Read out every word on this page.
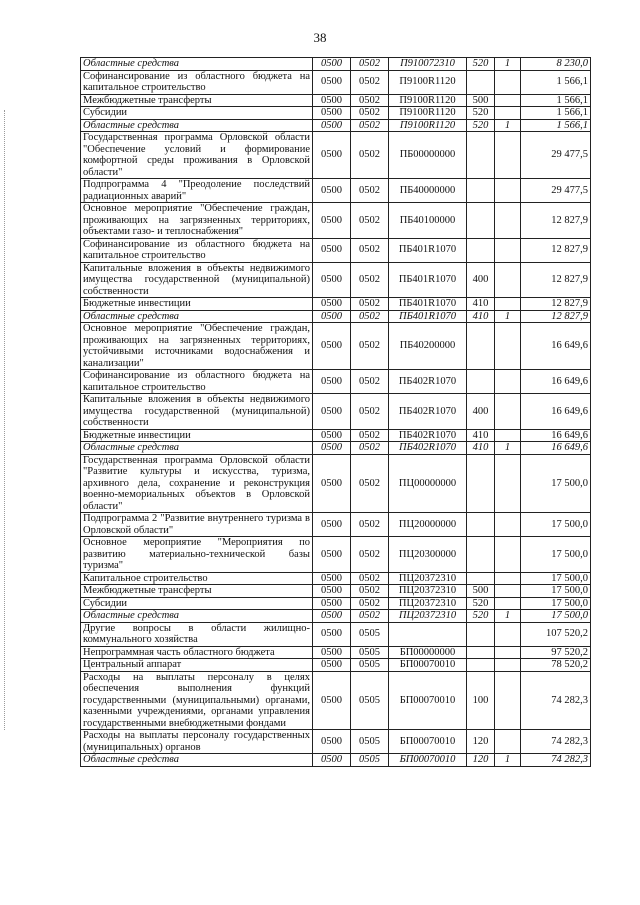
38
Областные средства	0500	0502	П910072310	520	1	8 230,0
Софинансирование из областного бюджета на капитальное строительство	0500	0502	П9100R1120			1 566,1
Межбюджетные трансферты	0500	0502	П9100R1120	500		1 566,1
Субсидии	0500	0502	П9100R1120	520		1 566,1
Областные средства	0500	0502	П9100R1120	520	1	1 566,1
Государственная программа Орловской области "Обеспечение условий и формирование комфортной среды проживания в Орловской области"	0500	0502	ПБ00000000			29 477,5
Подпрограмма 4 "Преодоление последствий радиационных аварий"	0500	0502	ПБ40000000			29 477,5
Основное мероприятие "Обеспечение граждан, проживающих на загрязненных территориях, объектами газо- и теплоснабжения"	0500	0502	ПБ40100000			12 827,9
Софинансирование из областного бюджета на капитальное строительство	0500	0502	ПБ401R1070			12 827,9
Капитальные вложения в объекты недвижимого имущества государственной (муниципальной) собственности	0500	0502	ПБ401R1070	400		12 827,9
Бюджетные инвестиции	0500	0502	ПБ401R1070	410		12 827,9
Областные средства	0500	0502	ПБ401R1070	410	1	12 827,9
Основное мероприятие "Обеспечение граждан, проживающих на загрязненных территориях, устойчивыми источниками водоснабжения и канализации"	0500	0502	ПБ40200000			16 649,6
Софинансирование из областного бюджета на капитальное строительство	0500	0502	ПБ402R1070			16 649,6
Капитальные вложения в объекты недвижимого имущества государственной (муниципальной) собственности	0500	0502	ПБ402R1070	400		16 649,6
Бюджетные инвестиции	0500	0502	ПБ402R1070	410		16 649,6
Областные средства	0500	0502	ПБ402R1070	410	1	16 649,6
Государственная программа Орловской области "Развитие культуры и искусства, туризма, архивного дела, сохранение и реконструкция военно-мемориальных объектов в Орловской области"	0500	0502	ПЦ00000000			17 500,0
Подпрограмма 2 "Развитие внутреннего туризма в Орловской области"	0500	0502	ПЦ20000000			17 500,0
Основное мероприятие "Мероприятия по развитию материально-технической базы туризма"	0500	0502	ПЦ20300000			17 500,0
Капитальное строительство	0500	0502	ПЦ20372310			17 500,0
Межбюджетные трансферты	0500	0502	ПЦ20372310	500		17 500,0
Субсидии	0500	0502	ПЦ20372310	520		17 500,0
Областные средства	0500	0502	ПЦ20372310	520	1	17 500,0
Другие вопросы в области жилищно-коммунального хозяйства	0500	0505				107 520,2
Непрограммная часть областного бюджета	0500	0505	БП00000000			97 520,2
Центральный аппарат	0500	0505	БП00070010			78 520,2
Расходы на выплаты персоналу в целях обеспечения выполнения функций государственными (муниципальными) органами, казенными учреждениями, органами управления государственными внебюджетными фондами	0500	0505	БП00070010	100		74 282,3
Расходы на выплаты персоналу государственных (муниципальных) органов	0500	0505	БП00070010	120		74 282,3
Областные средства	0500	0505	БП00070010	120	1	74 282,3
